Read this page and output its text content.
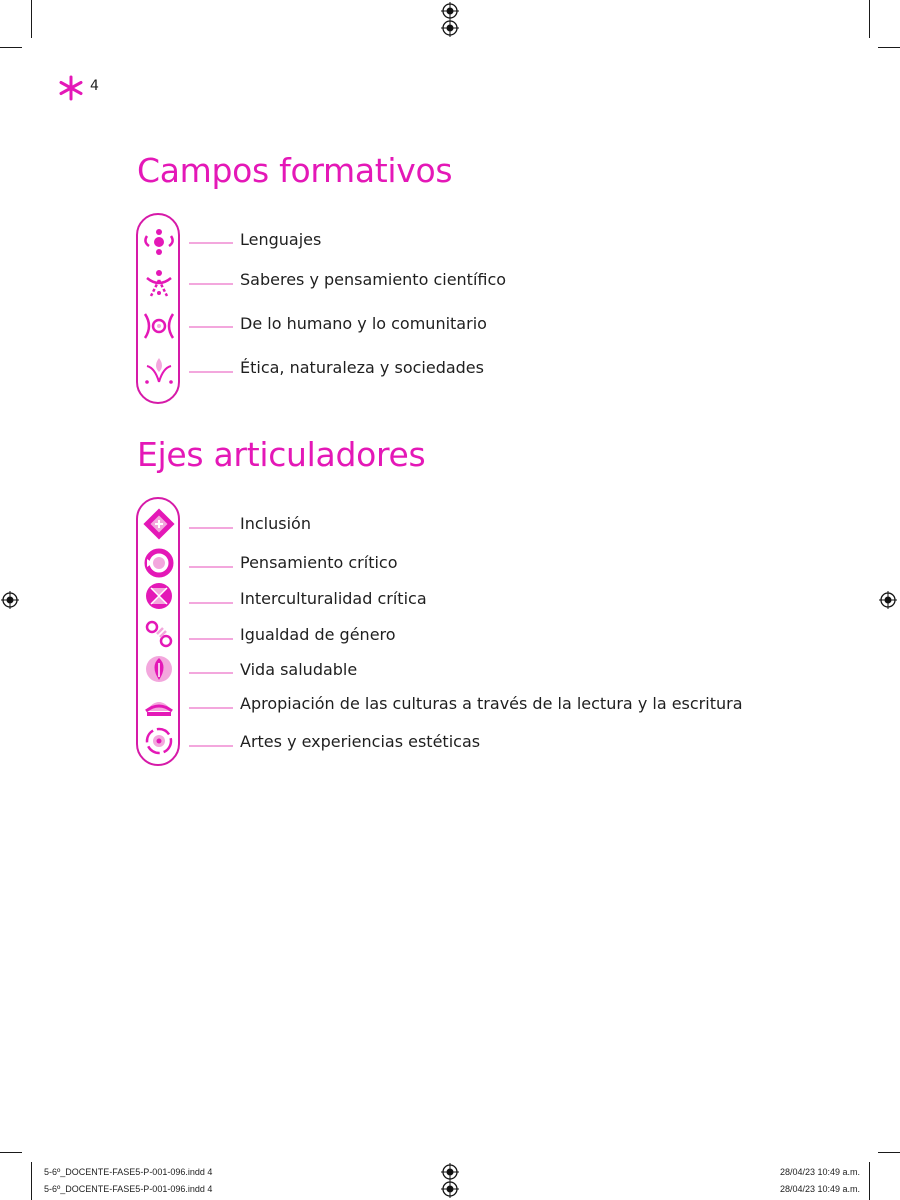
4
Campos formativos
Lenguajes
Saberes y pensamiento científico
De lo humano y lo comunitario
Ética, naturaleza y sociedades
Ejes articuladores
Inclusión
Pensamiento crítico
Interculturalidad crítica
Igualdad de género
Vida saludable
Apropiación de las culturas a través de la lectura y la escritura
Artes y experiencias estéticas
5-6º_DOCENTE-FASE5-P-001-096.indd 4
5-6º_DOCENTE-FASE5-P-001-096.indd 4
28/04/23 10:49 a.m.
28/04/23 10:49 a.m.
